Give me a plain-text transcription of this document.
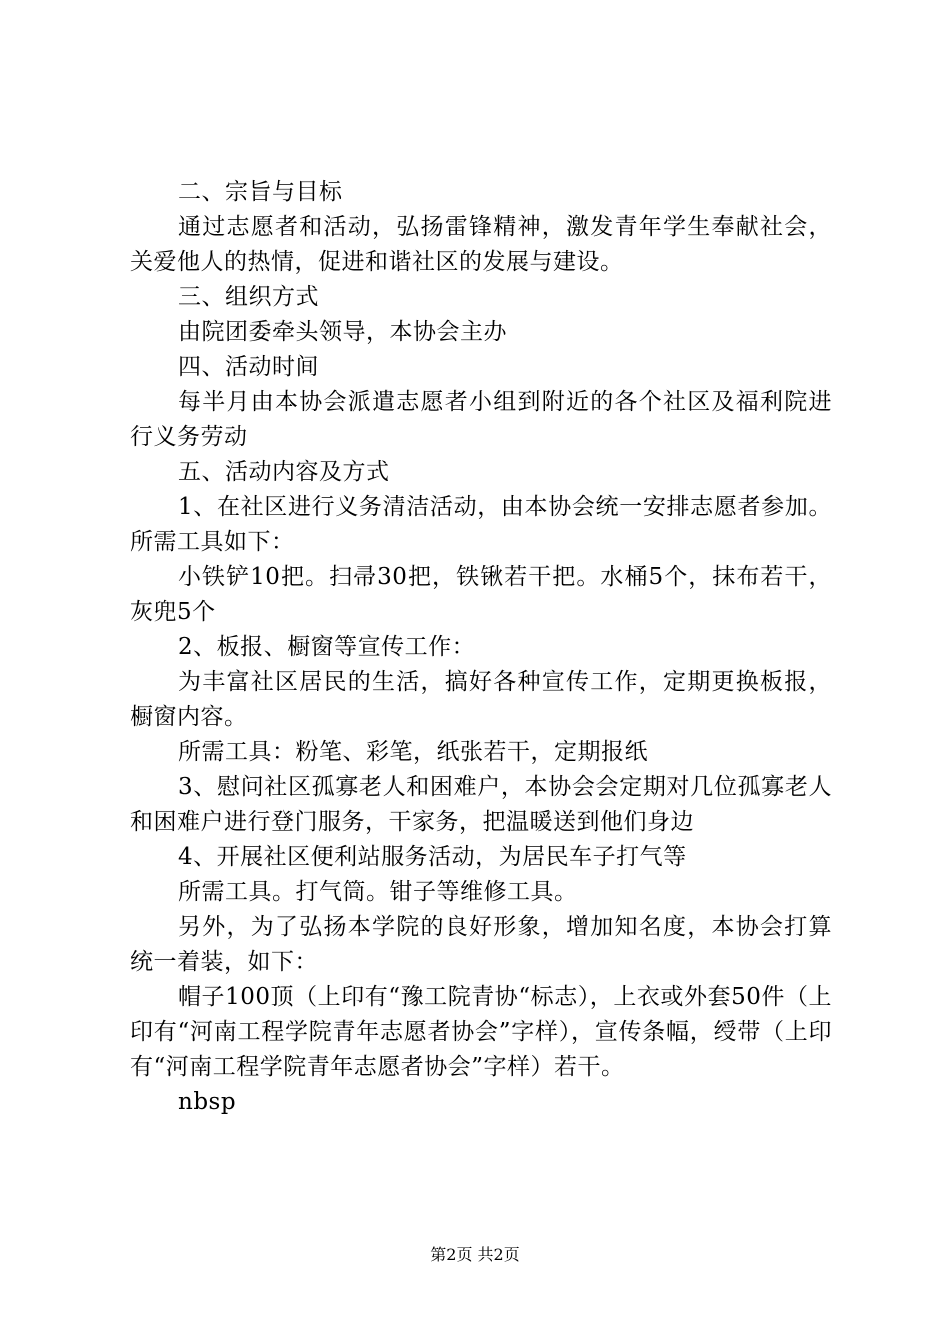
二、宗旨与目标

通过志愿者和活动，弘扬雷锋精神，激发青年学生奉献社会，关爱他人的热情，促进和谐社区的发展与建设。

三、组织方式

由院团委牵头领导，本协会主办

四、活动时间

每半月由本协会派遣志愿者小组到附近的各个社区及福利院进行义务劳动

五、活动内容及方式

1、在社区进行义务清洁活动，由本协会统一安排志愿者参加。所需工具如下：

小铁铲10把。扫帚30把，铁锹若干把。水桶5个，抹布若干，灰兜5个

2、板报、橱窗等宣传工作：

为丰富社区居民的生活，搞好各种宣传工作，定期更换板报，橱窗内容。

所需工具：粉笔、彩笔，纸张若干，定期报纸

3、慰问社区孤寡老人和困难户，本协会会定期对几位孤寡老人和困难户进行登门服务，干家务，把温暖送到他们身边

4、开展社区便利站服务活动，为居民车子打气等

所需工具。打气筒。钳子等维修工具。

另外，为了弘扬本学院的良好形象，增加知名度，本协会打算统一着装，如下：

帽子100顶（上印有“豫工院青协“标志），上衣或外套50件（上印有“河南工程学院青年志愿者协会”字样），宣传条幅，绶带（上印有“河南工程学院青年志愿者协会”字样）若干。

nbsp

第2页 共2页
